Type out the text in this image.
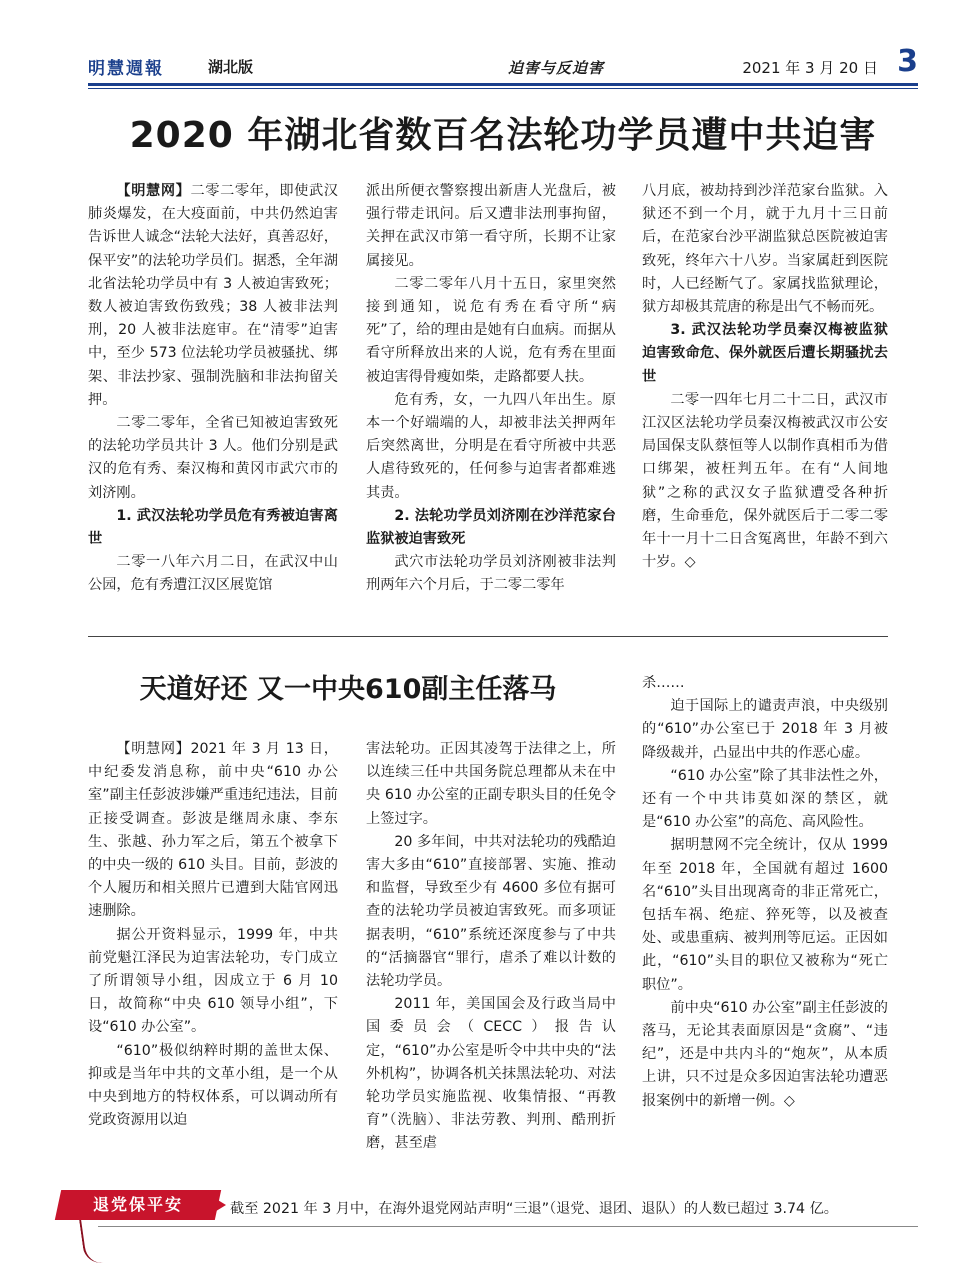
明慧週報	湖北版	迫害与反迫害	2021 年 3 月 20 日 3
2020 年湖北省数百名法轮功学员遭中共迫害

【明慧网】二零二零年，即使武汉肺炎爆发，在大疫面前，中共仍然迫害告诉世人诚念“法轮大法好，真善忍好，保平安”的法轮功学员们。据悉，全年湖北省法轮功学员中有 3 人被迫害致死；数人被迫害致伤致残；38 人被非法判刑，20 人被非法庭审。在“清零”迫害中，至少 573 位法轮功学员被骚扰、绑架、非法抄家、强制洗脑和非法拘留关押。

二零二零年，全省已知被迫害致死的法轮功学员共计 3 人。他们分别是武汉的危有秀、秦汉梅和黄冈市武穴市的刘济刚。

1. 武汉法轮功学员危有秀被迫害离世

二零一八年六月二日，在武汉中山公园，危有秀遭江汉区展览馆

派出所便衣警察搜出新唐人光盘后，被强行带走讯问。后又遭非法刑事拘留，关押在武汉市第一看守所，长期不让家属接见。

二零二零年八月十五日，家里突然接到通知，说危有秀在看守所“病死”了，给的理由是她有白血病。而据从看守所释放出来的人说，危有秀在里面被迫害得骨瘦如柴，走路都要人扶。

危有秀，女，一九四八年出生。原本一个好端端的人，却被非法关押两年后突然离世，分明是在看守所被中共恶人虐待致死的，任何参与迫害者都难逃其责。

2. 法轮功学员刘济刚在沙洋范家台监狱被迫害致死

武穴市法轮功学员刘济刚被非法判刑两年六个月后，于二零二零年

八月底，被劫持到沙洋范家台监狱。入狱还不到一个月，就于九月十三日前后，在范家台沙平湖监狱总医院被迫害致死，终年六十八岁。当家属赶到医院时，人已经断气了。家属找监狱理论，狱方却极其荒唐的称是出气不畅而死。

3. 武汉法轮功学员秦汉梅被监狱迫害致命危、保外就医后遭长期骚扰去世

二零一四年七月二十二日，武汉市江汉区法轮功学员秦汉梅被武汉市公安局国保支队蔡恒等人以制作真相币为借口绑架，被枉判五年。在有“人间地狱”之称的武汉女子监狱遭受各种折磨，生命垂危，保外就医后于二零二零年十一月十二日含冤离世，年龄不到六十岁。◇

天道好还 又一中央610副主任落马

【明慧网】2021 年 3 月 13 日，中纪委发消息称，前中央“610 办公室”副主任彭波涉嫌严重违纪违法，目前正接受调查。彭波是继周永康、李东生、张越、孙力军之后，第五个被拿下的中央一级的 610 头目。目前，彭波的个人履历和相关照片已遭到大陆官网迅速删除。

据公开资料显示，1999 年，中共前党魁江泽民为迫害法轮功，专门成立了所谓领导小组，因成立于 6 月 10 日，故简称“中央 610 领导小组”，下设“610 办公室”。

“610”极似纳粹时期的盖世太保、抑或是当年中共的文革小组，是一个从中央到地方的特权体系，可以调动所有党政资源用以迫

害法轮功。正因其凌驾于法律之上，所以连续三任中共国务院总理都从未在中央 610 办公室的正副专职头目的任免令上签过字。

20 多年间，中共对法轮功的残酷迫害大多由“610”直接部署、实施、推动和监督，导致至少有 4600 多位有据可查的法轮功学员被迫害致死。而多项证据表明，“610”系统还深度参与了中共的“活摘器官“罪行，虐杀了难以计数的法轮功学员。

2011 年，美国国会及行政当局中国委员会（CECC）报告认定，“610”办公室是听令中共中央的“法外机构”，协调各机关抹黑法轮功、对法轮功学员实施监视、收集情报、“再教育”（洗脑）、非法劳教、判刑、酷刑折磨，甚至虐

杀……

迫于国际上的谴责声浪，中央级别的“610”办公室已于 2018 年 3 月被降级裁并，凸显出中共的作恶心虚。

“610 办公室”除了其非法性之外，还有一个中共讳莫如深的禁区，就是“610 办公室”的高危、高风险性。

据明慧网不完全统计，仅从 1999 年至 2018 年，全国就有超过 1600 名“610”头目出现离奇的非正常死亡，包括车祸、绝症、猝死等，以及被查处、或患重病、被判刑等厄运。正因如此，“610”头目的职位又被称为“死亡职位”。

前中央“610 办公室”副主任彭波的落马，无论其表面原因是“贪腐”、“违纪”，还是中共内斗的“炮灰”，从本质上讲，只不过是众多因迫害法轮功遭恶报案例中的新增一例。◇

退党保平安	截至 2021 年 3 月中，在海外退党网站声明“三退”（退党、退团、退队）的人数已超过 3.74 亿。
